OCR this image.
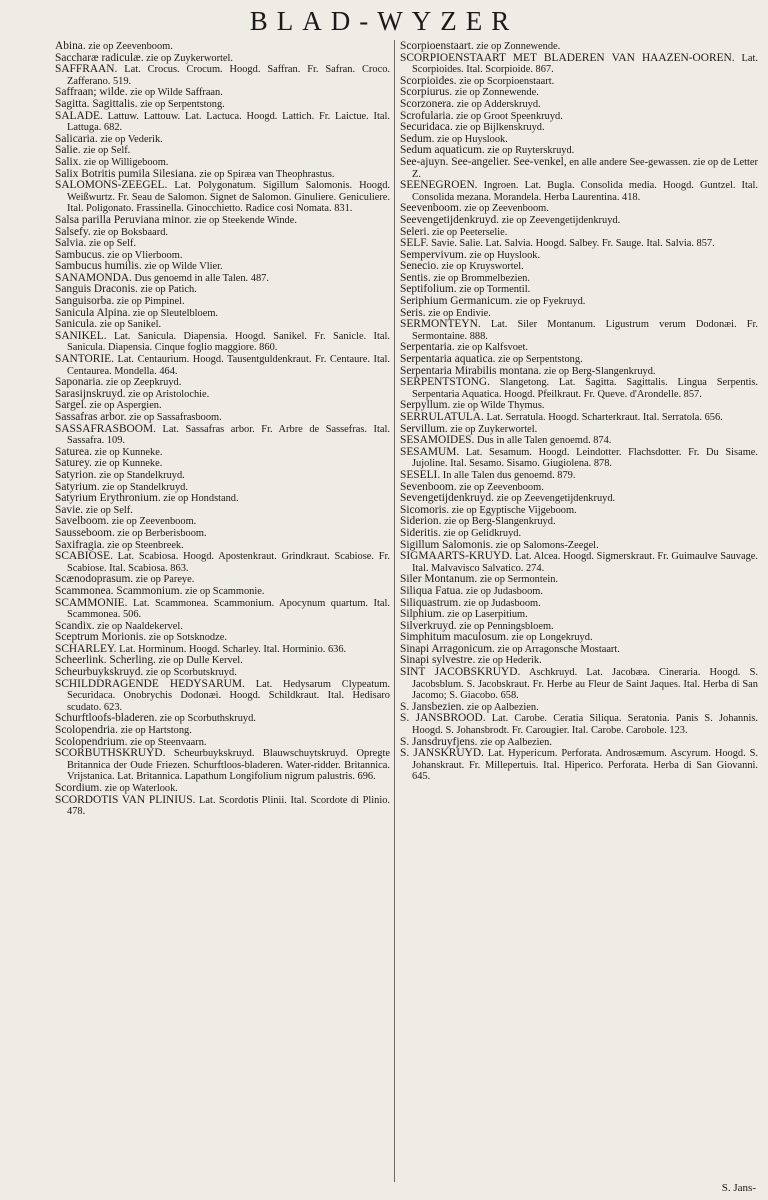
BLAD-WYZER

Abina. zie op Zeevenboom.

Saccharæ radiculæ. zie op Zuykerwortel.

SAFFRAAN. Lat. Crocus. Crocum. Hoogd. Saffran. Fr. Safran. Croco. Zafferano. 519.

Saffraan; wilde. zie op Wilde Saffraan.

Sagitta. Sagittalis. zie op Serpentstong.

SALADE. Lattuw. Lattouw. Lat. Lactuca. Hoogd. Lattich. Fr. Laictue. Ital. Lattuga. 682.

Salicaria. zie op Vederik.

Salie. zie op Self.

Salix. zie op Willigeboom.

Salix Botritis pumila Silesiana. zie op Spiræa van Theophrastus.

SALOMONS-ZEEGEL. Lat. Polygonatum. Sigillum Salomonis. Hoogd. Weißwurtz. Fr. Seau de Salomon. Signet de Salomon. Ginuliere. Geniculiere. Ital. Poligonato. Frassinella. Ginocchietto. Radice così Nomata. 831.

Salsa parilla Peruviana minor. zie op Steekende Winde.

Salsefy. zie op Boksbaard.

Salvia. zie op Self.

Sambucus. zie op Vlierboom.

Sambucus humilis. zie op Wilde Vlier.

SANAMONDA. Dus genoemd in alle Talen. 487.

Sanguis Draconis. zie op Patich.

Sanguisorba. zie op Pimpinel.

Sanicula Alpina. zie op Sleutelbloem.

Sanicula. zie op Sanikel.

SANIKEL. Lat. Sanicula. Diapensia. Hoogd. Sanikel. Fr. Sanicle. Ital. Sanicula. Diapensia. Cinque foglio maggiore. 860.

SANTORIE. Lat. Centaurium. Hoogd. Tausentguldenkraut. Fr. Centaure. Ital. Centaurea. Mondella. 464.

Saponaria. zie op Zeepkruyd.

Sarasijnskruyd. zie op Aristolochie.

Sargel. zie op Aspergien.

Sassafras arbor. zie op Sassafrasboom.

SASSAFRASBOOM. Lat. Sassafras arbor. Fr. Arbre de Sassefras. Ital. Sassafra. 109.

Saturea. zie op Kunneke.

Saturey. zie op Kunneke.

Satyrion. zie op Standelkruyd.

Satyrium. zie op Standelkruyd.

Satyrium Erythronium. zie op Hondstand.

Savie. zie op Self.

Savelboom. zie op Zeevenboom.

Sausseboom. zie op Berberisboom.

Saxifragia. zie op Steenbreek.

SCABIOSE. Lat. Scabiosa. Hoogd. Apostenkraut. Grindkraut. Scabiose. Fr. Scabiose. Ital. Scabiosa. 863.

Scænodoprasum. zie op Pareye.

Scammonea. Scammonium. zie op Scammonie.

SCAMMONIE. Lat. Scammonea. Scammonium. Apocynum quartum. Ital. Scammonea. 506.

Scandix. zie op Naaldekervel.

Sceptrum Morionis. zie op Sotsknodze.

SCHARLEY. Lat. Horminum. Hoogd. Scharley. Ital. Horminio. 636.

Scheerlink. Scherling. zie op Dulle Kervel.

Scheurbuykskruyd. zie op Scorbutskruyd.

SCHILDDRAGENDE HEDYSARUM. Lat. Hedysarum Clypeatum. Securidaca. Onobrychis Dodonæi. Hoogd. Schildkraut. Ital. Hedisaro scudato. 623.

Schurftloofs-bladeren. zie op Scorbuthskruyd.

Scolopendria. zie op Hartstong.

Scolopendrium. zie op Steenvaarn.

SCORBUTHSKRUYD. Scheurbuykskruyd. Blauwschuytskruyd. Opregte Britannica der Oude Friezen. Schurftloos-bladeren. Water-ridder. Britannica. Vrijstanica. Lat. Britannica. Lapathum Longifolium nigrum palustris. 696.

Scordium. zie op Waterlook.

SCORDOTIS VAN PLINIUS. Lat. Scordotis Plinii. Ital. Scordote di Plinio. 478.

Scorpioenstaart. zie op Zonnewende.

SCORPIOENSTAART MET BLADEREN VAN HAAZEN-OOREN. Lat. Scorpioides. Ital. Scorpioide. 867.

Scorpioides. zie op Scorpioenstaart.

Scorpiurus. zie op Zonnewende.

Scorzonera. zie op Adderskruyd.

Scrofularia. zie op Groot Speenkruyd.

Securidaca. zie op Bijlkenskruyd.

Sedum. zie op Huyslook.

Sedum aquaticum. zie op Ruyterskruyd.

See-ajuyn. See-angelier. See-venkel, en alle andere See-gewassen. zie op de Letter Z.

SEENEGROEN. Ingroen. Lat. Bugla. Consolida media. Hoogd. Guntzel. Ital. Consolida mezana. Morandela. Herba Laurentina. 418.

Seevenboom. zie op Zeevenboom.

Seevengetijdenkruyd. zie op Zeevengetijdenkruyd.

Seleri. zie op Peeterselie.

SELF. Savie. Salie. Lat. Salvia. Hoogd. Salbey. Fr. Sauge. Ital. Salvia. 857.

Sempervivum. zie op Huyslook.

Senecio. zie op Kruyswortel.

Sentis. zie op Brommelbezien.

Septifolium. zie op Tormentil.

Seriphium Germanicum. zie op Fyekruyd.

Seris. zie op Endivie.

SERMONTEYN. Lat. Siler Montanum. Ligustrum verum Dodonæi. Fr. Sermontaine. 888.

Serpentaria. zie op Kalfsvoet.

Serpentaria aquatica. zie op Serpentstong.

Serpentaria Mirabilis montana. zie op Berg-Slangenkruyd.

SERPENTSTONG. Slangetong. Lat. Sagitta. Sagittalis. Lingua Serpentis. Serpentaria Aquatica. Hoogd. Pfeilkraut. Fr. Queve. d'Arondelle. 857.

Serpyllum. zie op Wilde Thymus.

SERRULATULA. Lat. Serratula. Hoogd. Scharterkraut. Ital. Serratola. 656.

Servillum. zie op Zuykerwortel.

SESAMOIDES. Dus in alle Talen genoemd. 874.

SESAMUM. Lat. Sesamum. Hoogd. Leindotter. Flachsdotter. Fr. Du Sisame. Jujoline. Ital. Sesamo. Sisamo. Giugiolena. 878.

SESELI. In alle Talen dus genoemd. 879.

Sevenboom. zie op Zeevenboom.

Sevengetijdenkruyd. zie op Zeevengetijdenkruyd.

Sicomoris. zie op Egyptische Vijgeboom.

Siderion. zie op Berg-Slangenkruyd.

Sideritis. zie op Gelidkruyd.

Sigillum Salomonis. zie op Salomons-Zeegel.

SIGMAARTS-KRUYD. Lat. Alcea. Hoogd. Sigmerskraut. Fr. Guimaulve Sauvage. Ital. Malvavisco Salvatico. 274.

Siler Montanum. zie op Sermontein.

Siliqua Fatua. zie op Judasboom.

Siliquastrum. zie op Judasboom.

Silphium. zie op Laserpitium.

Silverkruyd. zie op Penningsbloem.

Simphitum maculosum. zie op Longekruyd.

Sinapi Arragonicum. zie op Arragonsche Mostaart.

Sinapi sylvestre. zie op Hederik.

SINT JACOBSKRUYD. Aschkruyd. Lat. Jacobæa. Cineraria. Hoogd. S. Jacobsblum. S. Jacobskraut. Fr. Herbe au Fleur de Saint Jaques. Ital. Herba di San Jacomo; S. Giacobo. 658.

S. Jansbezien. zie op Aalbezien.

S. JANSBROOD. Lat. Carobe. Ceratia Siliqua. Seratonia. Panis S. Johannis. Hoogd. S. Johansbrodt. Fr. Carougier. Ital. Carobe. Carobole. 123.

S. Jansdruyfjens. zie op Aalbezien.

S. JANSKRUYD. Lat. Hypericum. Perforata. Androsæmum. Ascyrum. Hoogd. S. Johanskraut. Fr. Millepertuis. Ital. Hiperico. Perforata. Herba di San Giovanni. 645.

S. Jans-
